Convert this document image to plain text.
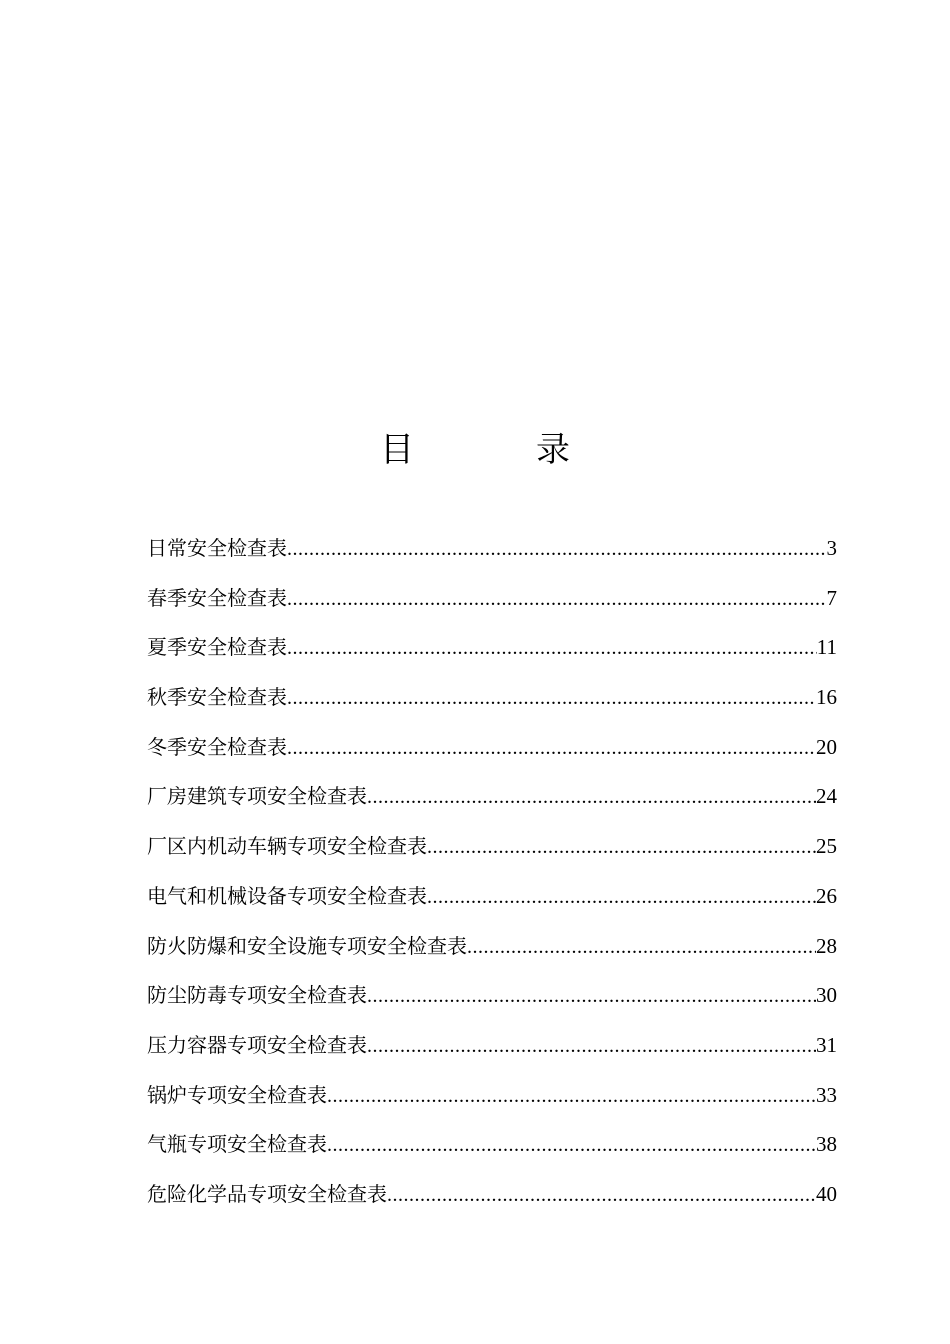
目　录
日常安全检查表 .....	3
春季安全检查表 .....	7
夏季安全检查表 .....	11
秋季安全检查表 .....	16
冬季安全检查表 .....	20
厂房建筑专项安全检查表 .....	24
厂区内机动车辆专项安全检查表 .....	25
电气和机械设备专项安全检查表 .....	26
防火防爆和安全设施专项安全检查表 .....	28
防尘防毒专项安全检查表 .....	30
压力容器专项安全检查表 .....	31
锅炉专项安全检查表 .....	33
气瓶专项安全检查表 .....	38
危险化学品专项安全检查表 .....	40
